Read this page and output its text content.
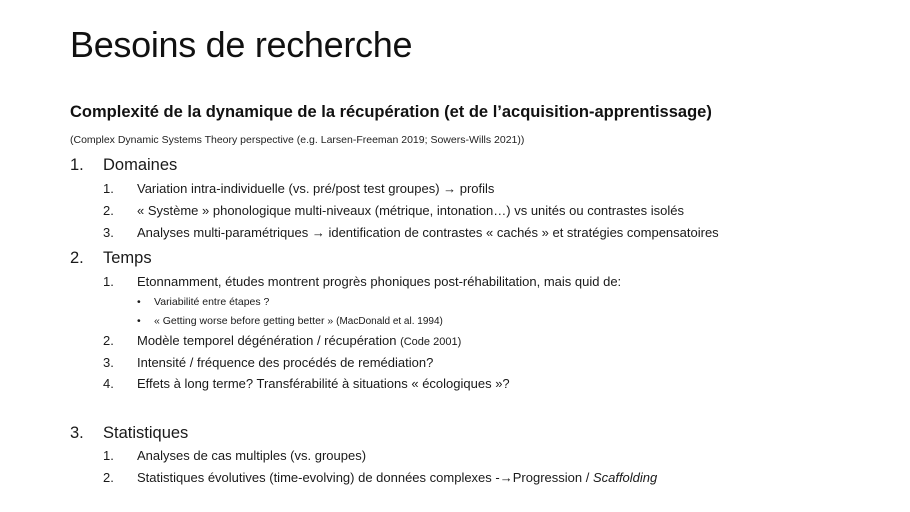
Besoins de recherche
Complexité de la dynamique de la récupération (et de l’acquisition-apprentissage)
(Complex Dynamic Systems Theory perspective (e.g. Larsen-Freeman 2019; Sowers-Wills 2021))
1. Domaines
1. Variation intra-individuelle (vs. pré/post test groupes) → profils
2. « Système » phonologique multi-niveaux (métrique, intonation…) vs unités ou contrastes isolés
3. Analyses multi-paramétriques → identification de contrastes « cachés » et stratégies compensatoires
2. Temps
1. Etonnamment, études montrent progrès phoniques post-réhabilitation, mais quid de:
• Variabilité entre étapes ?
• « Getting worse before getting better » (MacDonald et al. 1994)
2. Modèle temporel dégénération / récupération (Code 2001)
3. Intensité / fréquence des procédés de remédiation?
4. Effets à long terme? Transférabilité à situations « écologiques »?
3. Statistiques
1. Analyses de cas multiples (vs. groupes)
2. Statistiques évolutives (time-evolving) de données complexes -→Progression / Scaffolding
